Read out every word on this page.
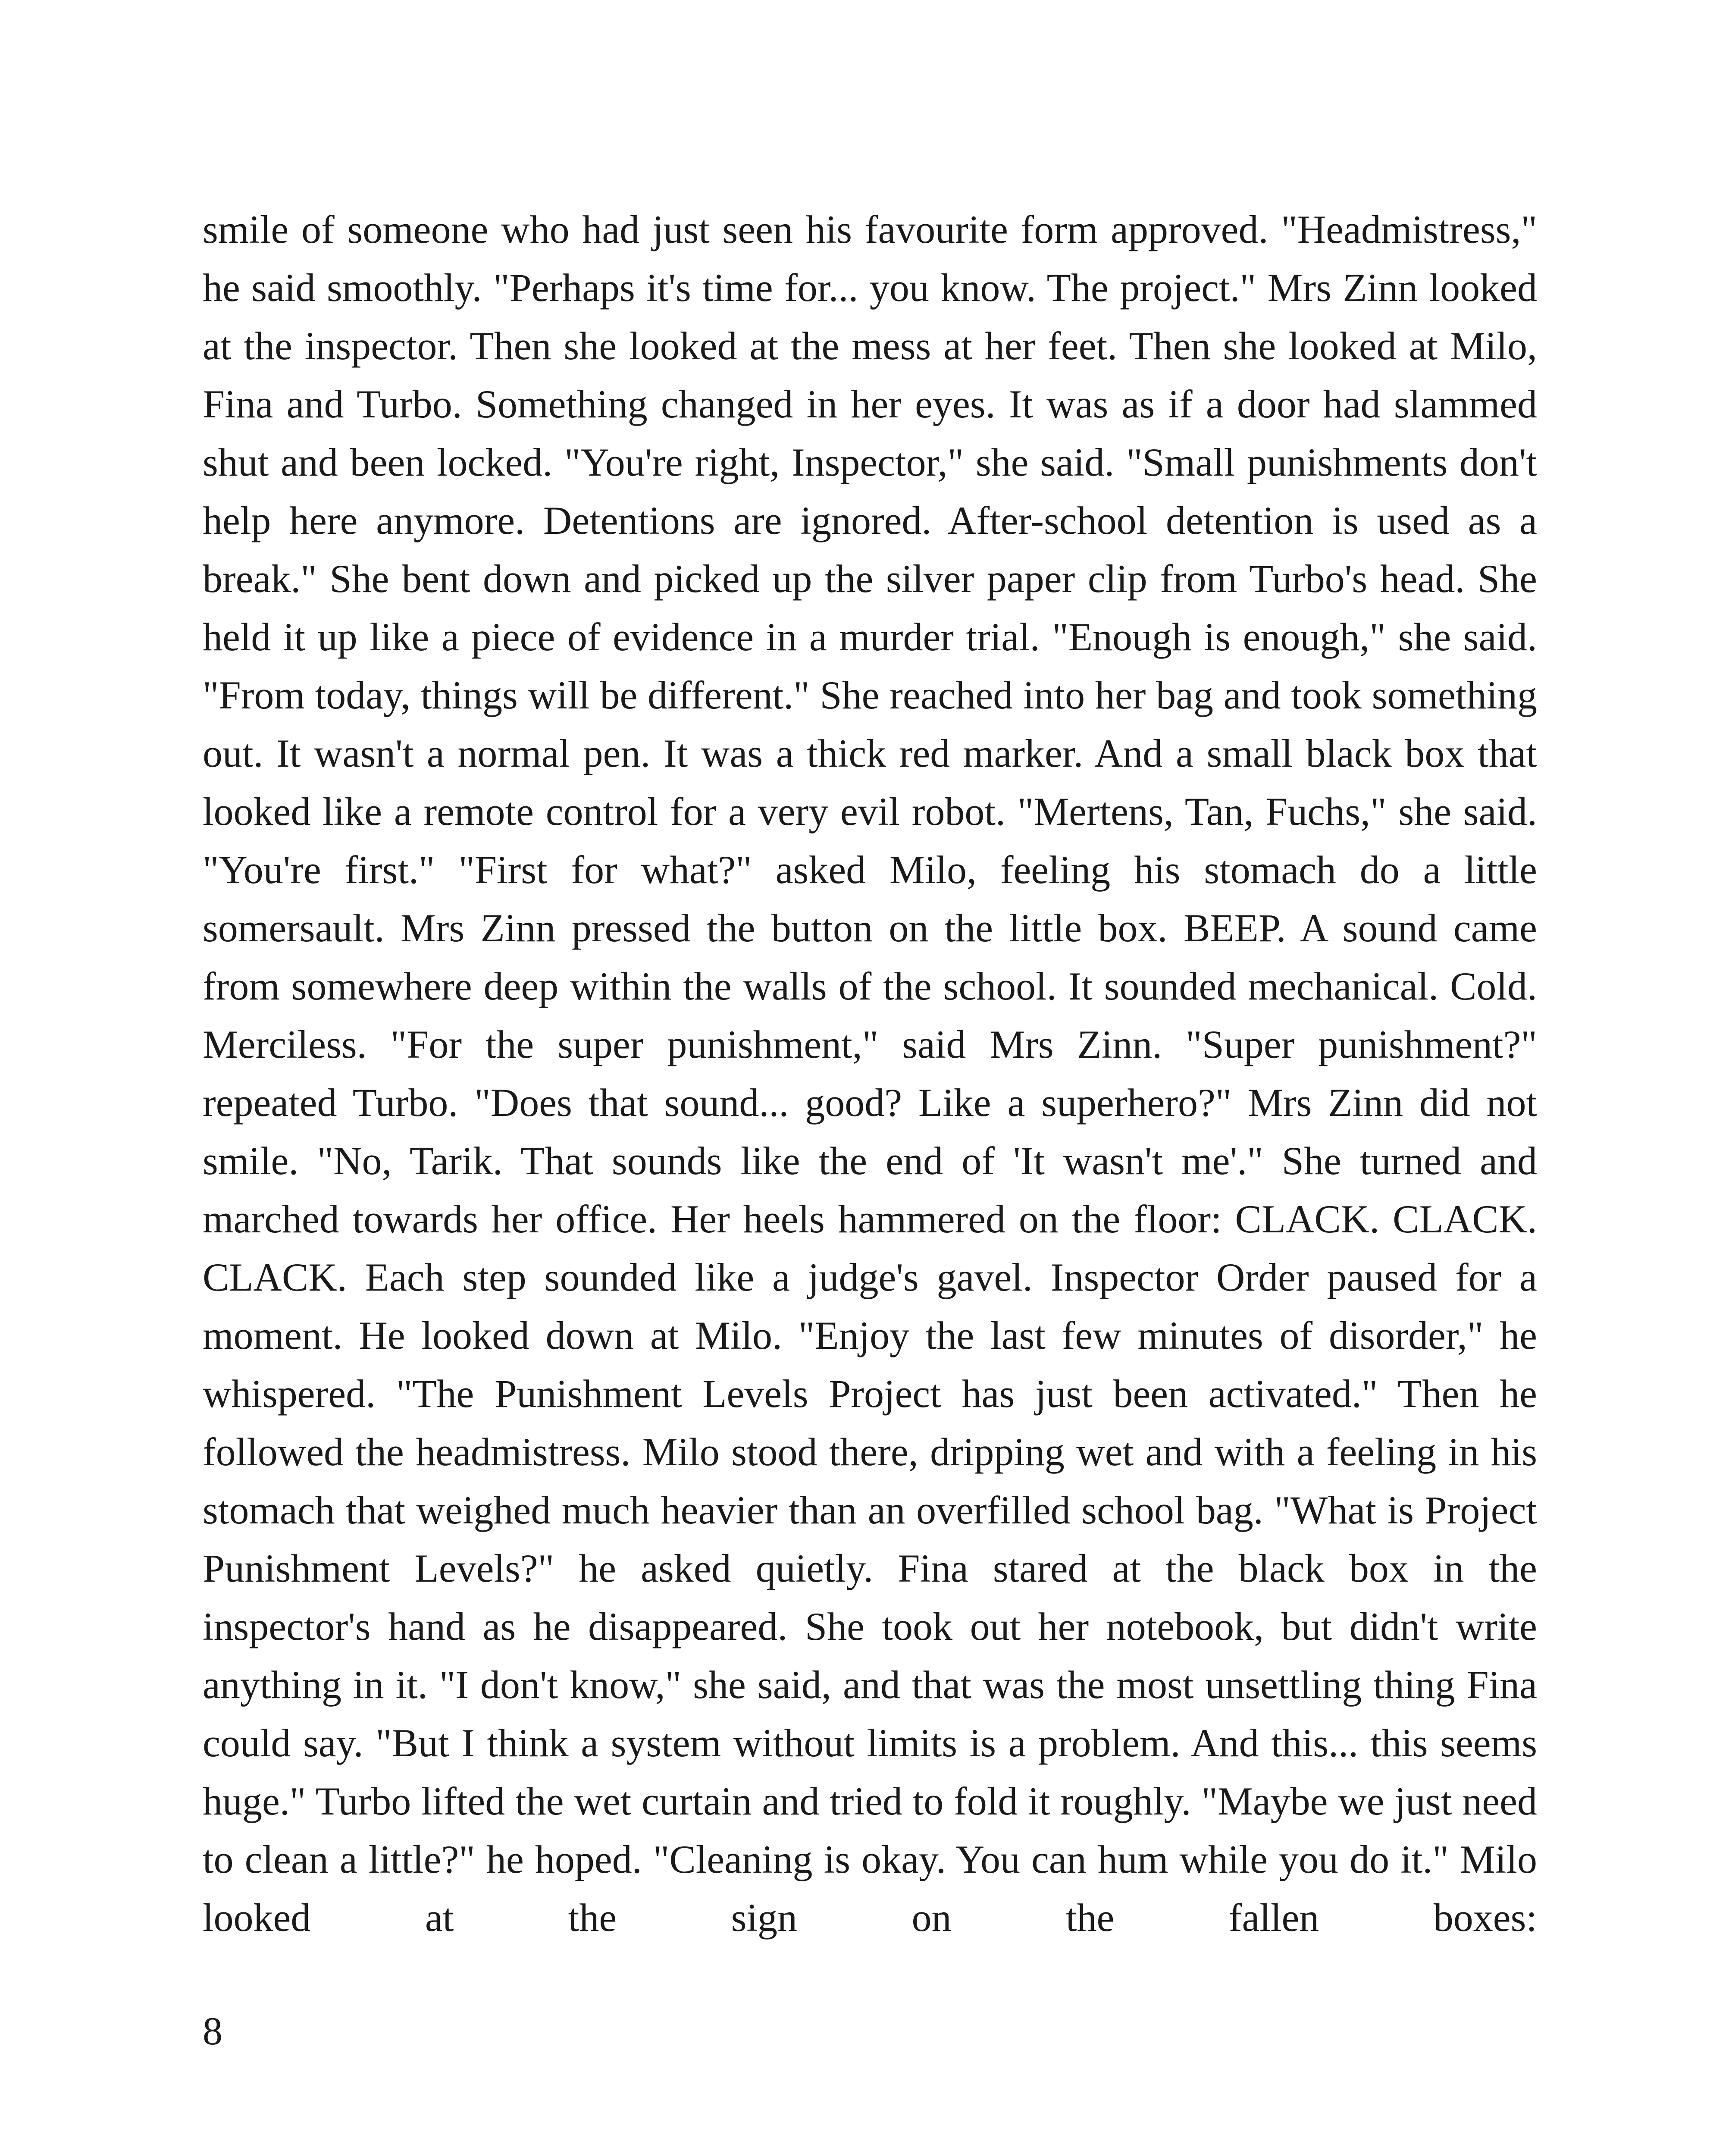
smile of someone who had just seen his favourite form approved. "Headmistress," he said smoothly. "Perhaps it's time for... you know. The project." Mrs Zinn looked at the inspector. Then she looked at the mess at her feet. Then she looked at Milo, Fina and Turbo. Something changed in her eyes. It was as if a door had slammed shut and been locked. "You're right, Inspector," she said. "Small punishments don't help here anymore. Detentions are ignored. After-school detention is used as a break." She bent down and picked up the silver paper clip from Turbo's head. She held it up like a piece of evidence in a murder trial. "Enough is enough," she said. "From today, things will be different." She reached into her bag and took something out. It wasn't a normal pen. It was a thick red marker. And a small black box that looked like a remote control for a very evil robot. "Mertens, Tan, Fuchs," she said. "You're first." "First for what?" asked Milo, feeling his stomach do a little somersault. Mrs Zinn pressed the button on the little box. BEEP. A sound came from somewhere deep within the walls of the school. It sounded mechanical. Cold. Merciless. "For the super punishment," said Mrs Zinn. "Super punishment?" repeated Turbo. "Does that sound... good? Like a superhero?" Mrs Zinn did not smile. "No, Tarik. That sounds like the end of 'It wasn't me'." She turned and marched towards her office. Her heels hammered on the floor: CLACK. CLACK. CLACK. Each step sounded like a judge's gavel. Inspector Order paused for a moment. He looked down at Milo. "Enjoy the last few minutes of disorder," he whispered. "The Punishment Levels Project has just been activated." Then he followed the headmistress. Milo stood there, dripping wet and with a feeling in his stomach that weighed much heavier than an overfilled school bag. "What is Project Punishment Levels?" he asked quietly. Fina stared at the black box in the inspector's hand as he disappeared. She took out her notebook, but didn't write anything in it. "I don't know," she said, and that was the most unsettling thing Fina could say. "But I think a system without limits is a problem. And this... this seems huge." Turbo lifted the wet curtain and tried to fold it roughly. "Maybe we just need to clean a little?" he hoped. "Cleaning is okay. You can hum while you do it." Milo looked at the sign on the fallen boxes:

8
